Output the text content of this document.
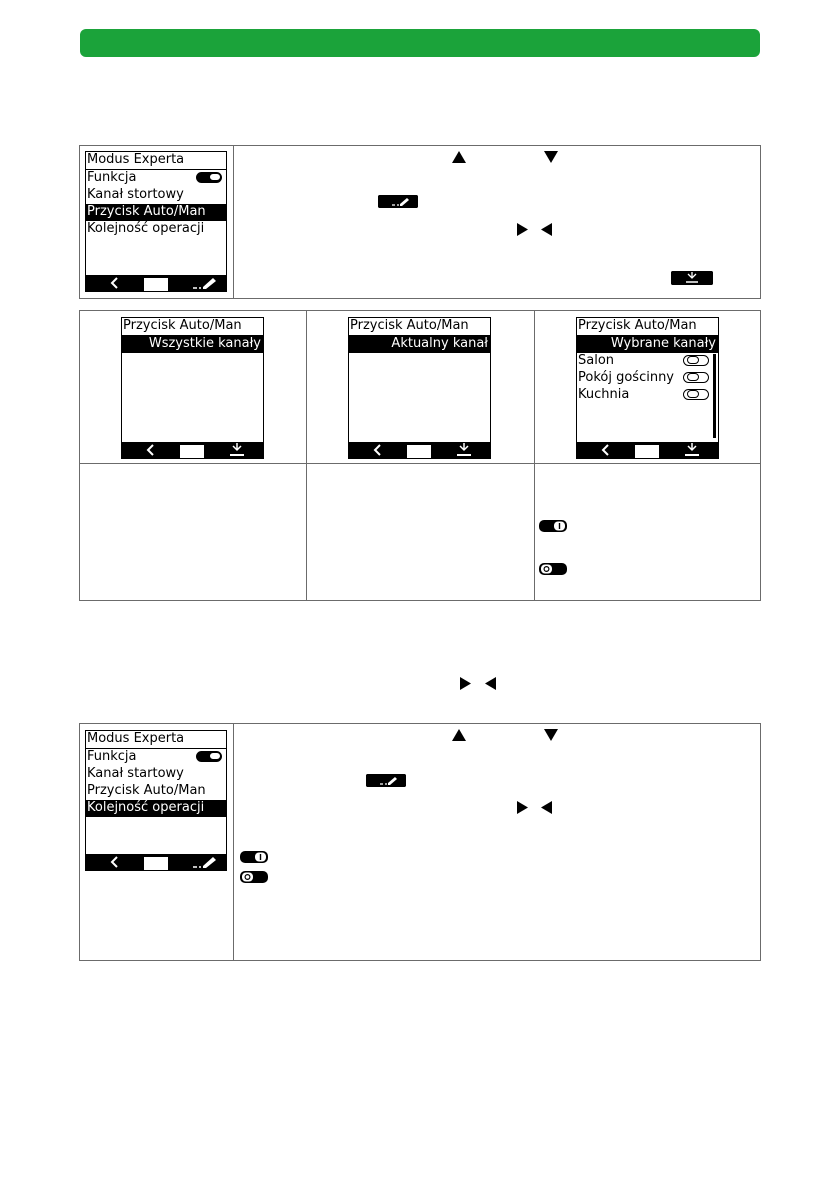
Modus Experta
Funkcja
Kanał stortowy
Przycisk Auto/Man
Kolejność operacji
Przycisk Auto/Man
Wszystkie kanały
Przycisk Auto/Man
Aktualny kanał
Przycisk Auto/Man
Wybrane kanały
Salon
Pokój gościnny
Kuchnia
Modus Experta
Funkcja
Kanał startowy
Przycisk Auto/Man
Kolejność operacji
